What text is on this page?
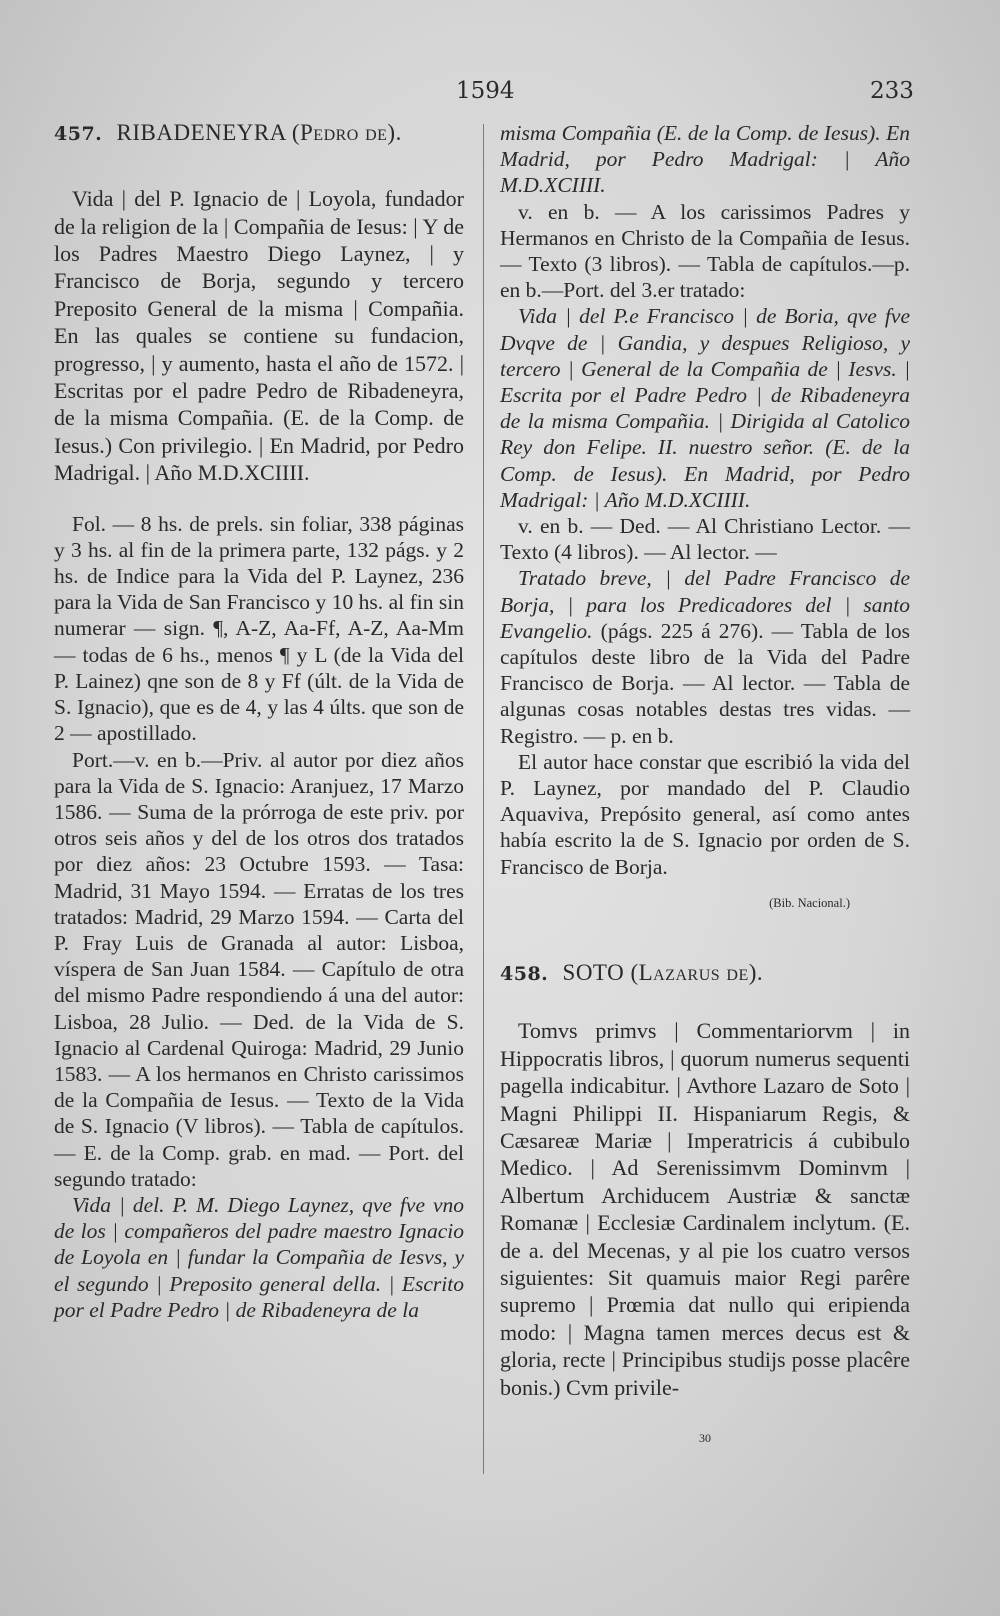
1594	233
457. RIBADENEYRA (Pedro de).

Vida | del P. Ignacio de | Loyola, fundador de la religion de la | Compañia de Iesus: | Y de los Padres Maestro Diego Laynez, | y Francisco de Borja, segundo y tercero Preposito General de la misma | Compañia. En las quales se contiene su fundacion, progresso, | y aumento, hasta el año de 1572. | Escritas por el padre Pedro de Ribadeneyra, de la misma Compañia. (E. de la Comp. de Iesus.) Con privilegio. | En Madrid, por Pedro Madrigal. | Año M.D.XCIIII.

Fol. — 8 hs. de prels. sin foliar, 338 páginas y 3 hs. al fin de la primera parte, 132 págs. y 2 hs. de Indice para la Vida del P. Laynez, 236 para la Vida de San Francisco y 10 hs. al fin sin numerar — sign. ¶, A-Z, Aa-Ff, A-Z, Aa-Mm — todas de 6 hs., menos ¶ y L (de la Vida del P. Lainez) qne son de 8 y Ff (últ. de la Vida de S. Ignacio), que es de 4, y las 4 últs. que son de 2 — apostillado.

Port.—v. en b.—Priv. al autor por diez años para la Vida de S. Ignacio: Aranjuez, 17 Marzo 1586. — Suma de la prórroga de este priv. por otros seis años y del de los otros dos tratados por diez años: 23 Octubre 1593. — Tasa: Madrid, 31 Mayo 1594. — Erratas de los tres tratados: Madrid, 29 Marzo 1594. — Carta del P. Fray Luis de Granada al autor: Lisboa, víspera de San Juan 1584. — Capítulo de otra del mismo Padre respondiendo á una del autor: Lisboa, 28 Julio. — Ded. de la Vida de S. Ignacio al Cardenal Quiroga: Madrid, 29 Junio 1583. — A los hermanos en Christo carissimos de la Compañia de Iesus. — Texto de la Vida de S. Ignacio (V libros). — Tabla de capítulos. — E. de la Comp. grab. en mad. — Port. del segundo tratado:

Vida | del. P. M. Diego Laynez, qve fve vno de los | compañeros del padre maestro Ignacio de Loyola en | fundar la Compañia de Iesvs, y el segundo | Preposito general della. | Escrito por el Padre Pedro | de Ribadeneyra de la

misma Compañia (E. de la Comp. de Iesus). En Madrid, por Pedro Madrigal: | Año M.D.XCIIII.

v. en b. — A los carissimos Padres y Hermanos en Christo de la Compañia de Iesus. — Texto (3 libros). — Tabla de capítulos.—p. en b.—Port. del 3.er tratado:

Vida | del P.e Francisco | de Boria, qve fve Dvqve de | Gandia, y despues Religioso, y tercero | General de la Compañia de | Iesvs. | Escrita por el Padre Pedro | de Ribadeneyra de la misma Compañia. | Dirigida al Catolico Rey don Felipe. II. nuestro señor. (E. de la Comp. de Iesus). En Madrid, por Pedro Madrigal: | Año M.D.XCIIII.

v. en b. — Ded. — Al Christiano Lector. — Texto (4 libros). — Al lector. —

Tratado breve, | del Padre Francisco de Borja, | para los Predicadores del | santo Evangelio. (págs. 225 á 276). — Tabla de los capítulos deste libro de la Vida del Padre Francisco de Borja. — Al lector. — Tabla de algunas cosas notables destas tres vidas. — Registro. — p. en b.

El autor hace constar que escribió la vida del P. Laynez, por mandado del P. Claudio Aquaviva, Prepósito general, así como antes había escrito la de S. Ignacio por orden de S. Francisco de Borja.

(Bib. Nacional.)
458. SOTO (Lazarus de).

Tomvs primvs | Commentariorvm | in Hippocratis libros, | quorum numerus sequenti pagella indicabitur. | Avthore Lazaro de Soto | Magni Philippi II. Hispaniarum Regis, & Cæsareæ Mariæ | Imperatricis á cubibulo Medico. | Ad Serenissimvm Dominvm | Albertum Archiducem Austriæ & sanctæ Romanæ | Ecclesiæ Cardinalem inclytum. (E. de a. del Mecenas, y al pie los cuatro versos siguientes: Sit quamuis maior Regi parêre supremo | Prœmia dat nullo qui eripienda modo: | Magna tamen merces decus est & gloria, recte | Principibus studijs posse placêre bonis.) Cvm privile-

30
